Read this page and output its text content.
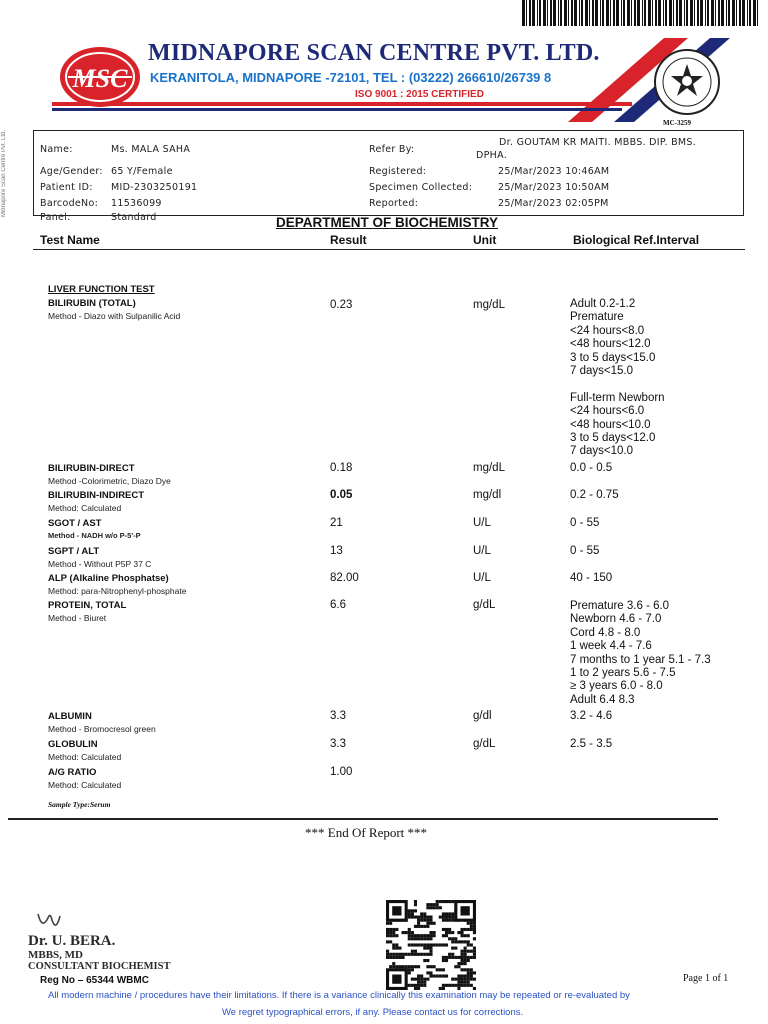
MSC
MIDNAPORE SCAN CENTRE PVT. LTD.
KERANITOLA, MIDNAPORE -72101, TEL : (03222) 266610/26739 8
ISO 9001 : 2015 CERTIFIED
MC-3259
Midnapore Scan Centre Pvt. Ltd.	Name:	Ms. MALA SAHA
Age/Gender: 65 Y/Female
Patient ID: MID-2303250191
BarcodeNo: 11536099
Panel:	Standard
Refer By:
Dr. GOUTAM KR MAITI. MBBS. DIP. BMS.
DPHA.
Registered:	25/Mar/2023 10:46AM
Specimen Collected:	25/Mar/2023 10:50AM
Reported:	25/Mar/2023 02:05PM
DEPARTMENT OF BIOCHEMISTRY
Test Name	Result	Unit	Biological Ref.Interval
LIVER FUNCTION TEST
BILIRUBIN (TOTAL)
Method - Diazo with Sulpanilic Acid
0.23	mg/dL	Adult 0.2-1.2
Premature
<24 hours<8.0
<48 hours<12.0
3 to 5 days<15.0
7 days<15.0

Full-term Newborn
<24 hours<6.0
<48 hours<10.0
3 to 5 days<12.0
7 days<10.0
BILIRUBIN-DIRECT
Method -Colorimetric, Diazo Dye
0.18	mg/dL	0.0 - 0.5
BILIRUBIN-INDIRECT
Method: Calculated
0.05	mg/dl	0.2 - 0.75
SGOT / AST
Method - NADH w/o P-5'-P
21	U/L	0 - 55
SGPT / ALT
Method - Without P5P 37 C
13	U/L	0 - 55
ALP (Alkaline Phosphatse)
Method: para-Nitrophenyl-phosphate
82.00	U/L	40 - 150
PROTEIN, TOTAL
Method - Biuret
6.6	g/dL	Premature 3.6 - 6.0
Newborn 4.6 - 7.0
Cord 4.8 - 8.0
1 week 4.4 - 7.6
7 months to 1 year 5.1 - 7.3
1 to 2 years 5.6 - 7.5
≥ 3 years 6.0 - 8.0
Adult 6.4 8.3
ALBUMIN
Method - Bromocresol green
3.3	g/dl	3.2 - 4.6
GLOBULIN
Method: Calculated
3.3	g/dL	2.5 - 3.5
A/G RATIO
Method: Calculated
1.00
Sample Type:Serum
*** End Of Report ***
Dr. U. BERA.
MBBS, MD
CONSULTANT BIOCHEMIST
Reg No – 65344 WBMC	Page 1 of 1
All modern machine / procedures have their limitations. If there is a variance clinically this examination may be repeated or re-evaluated by
We regret typographical errors, if any. Please contact us for corrections.
